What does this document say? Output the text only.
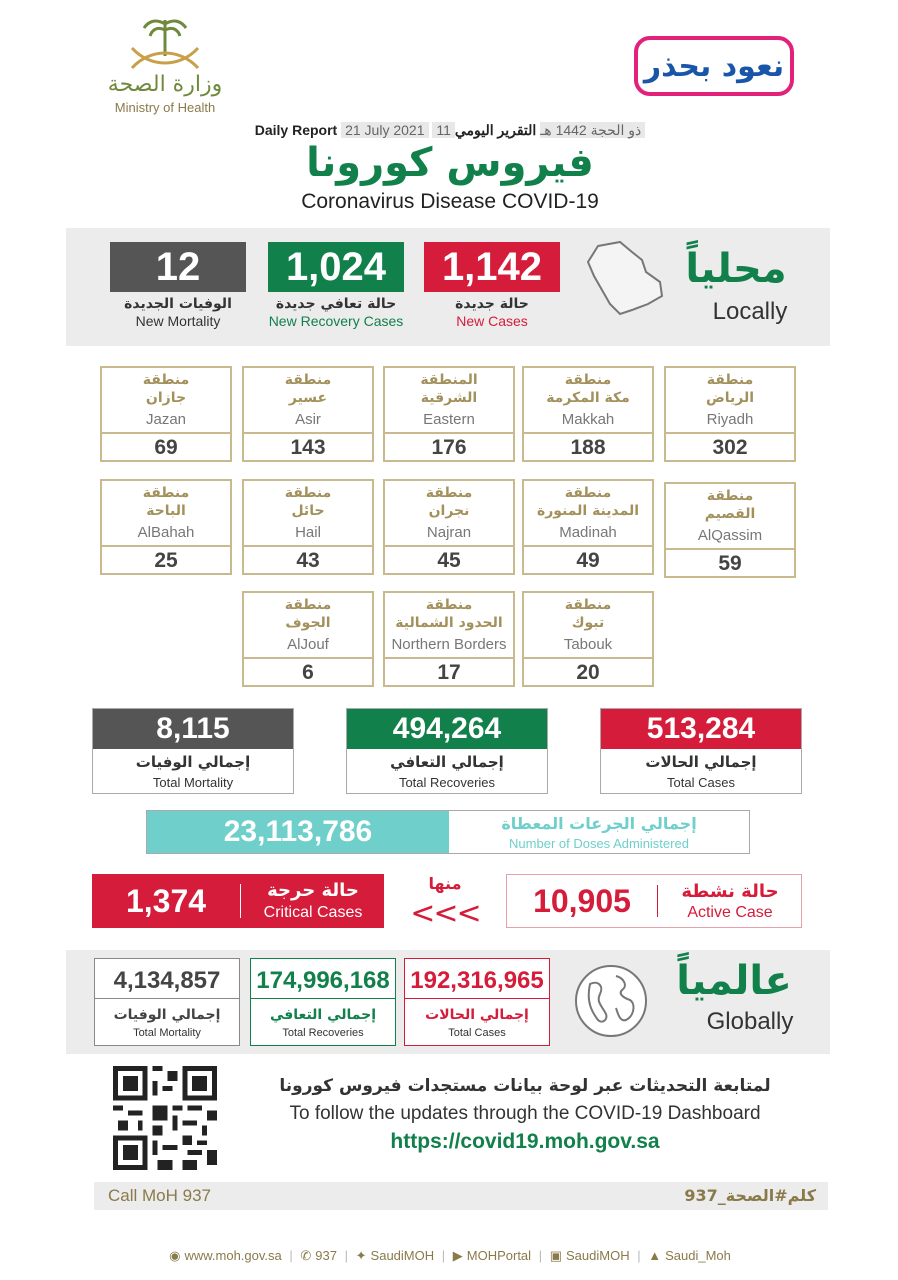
وزارة الصحة
Ministry of Health
نعود بحذر
Daily Report 21 July 2021 11 ذو الحجة 1442 هـ التقرير اليومي
فيروس كورونا
Coronavirus Disease COVID-19
محلياً
Locally
1,142
حالة جديدة
New Cases
1,024
حالة تعافي جديدة
New Recovery Cases
12
الوفيات الجديدة
New Mortality
منطقة
الرياض
Riyadh
302
منطقة
مكة المكرمة
Makkah
188
المنطقة
الشرقية
Eastern
176
منطقة
عسير
Asir
143
منطقة
جازان
Jazan
69
منطقة
القصيم
AlQassim
59
منطقة
المدينة المنورة
Madinah
49
منطقة
نجران
Najran
45
منطقة
حائل
Hail
43
منطقة
الباحة
AlBahah
25
منطقة
تبوك
Tabouk
20
منطقة
الحدود الشمالية
Northern Borders
17
منطقة
الجوف
AlJouf
6
513,284
إجمالي الحالات
Total Cases
494,264
إجمالي التعافي
Total Recoveries
8,115
إجمالي الوفيات
Total Mortality
23,113,786	إجمالي الجرعات المعطاة
Number of Doses Administered
1,374	حالة حرجة
Critical Cases
منها
<<<	10,905	حالة نشطة
Active Case
عالمياً
Globally
192,316,965
إجمالي الحالات
Total Cases
174,996,168
إجمالي التعافي
Total Recoveries
4,134,857
إجمالي الوفيات
Total Mortality
لمتابعة التحديثات عبر لوحة بيانات مستجدات فيروس كورونا
To follow the updates through the COVID-19 Dashboard
https://covid19.moh.gov.sa
Call MoH 937	كلم#الصحة_937
◉ www.moh.gov.sa | ✆ 937 | ✦ SaudiMOH | ▶ MOHPortal | ▣ SaudiMOH | ▲ Saudi_Moh
